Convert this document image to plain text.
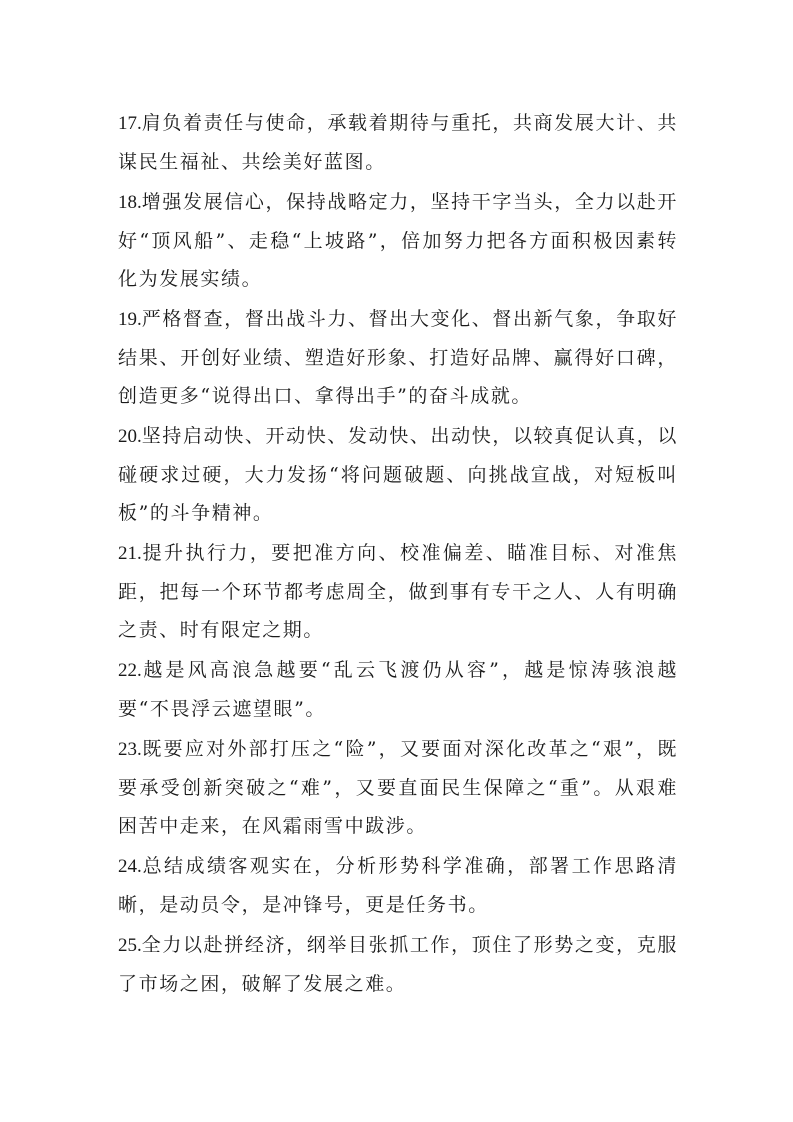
17.肩负着责任与使命，承载着期待与重托，共商发展大计、共谋民生福祉、共绘美好蓝图。

18.增强发展信心，保持战略定力，坚持干字当头，全力以赴开好“顶风船”、走稳“上坡路”，倍加努力把各方面积极因素转化为发展实绩。

19.严格督查，督出战斗力、督出大变化、督出新气象，争取好结果、开创好业绩、塑造好形象、打造好品牌、赢得好口碑，创造更多“说得出口、拿得出手”的奋斗成就。

20.坚持启动快、开动快、发动快、出动快，以较真促认真，以碰硬求过硬，大力发扬“将问题破题、向挑战宣战，对短板叫板”的斗争精神。

21.提升执行力，要把准方向、校准偏差、瞄准目标、对准焦距，把每一个环节都考虑周全，做到事有专干之人、人有明确之责、时有限定之期。

22.越是风高浪急越要“乱云飞渡仍从容”，越是惊涛骇浪越要“不畏浮云遮望眼”。

23.既要应对外部打压之“险”，又要面对深化改革之“艰”，既要承受创新突破之“难”，又要直面民生保障之“重”。从艰难困苦中走来，在风霜雨雪中跋涉。

24.总结成绩客观实在，分析形势科学准确，部署工作思路清晰，是动员令，是冲锋号，更是任务书。

25.全力以赴拼经济，纲举目张抓工作，顶住了形势之变，克服了市场之困，破解了发展之难。
